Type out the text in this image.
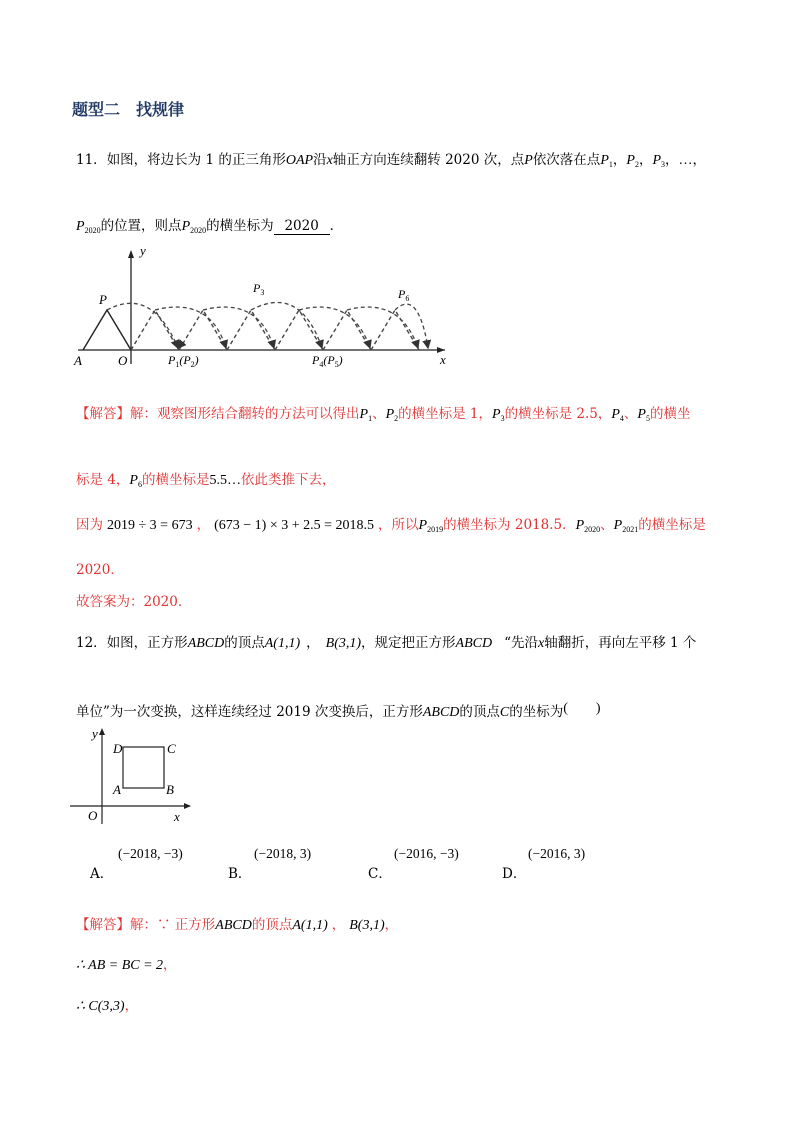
题型二　找规律
11．如图，将边长为 1 的正三角形OAP沿x轴正方向连续翻转 2020 次，点P依次落在点$P_1$，$P_2$，$P_3$，…，
$P_{2020}$的位置，则点$P_{2020}$的横坐标为 2020 ．
y
x
A	O
P
$P_3$	$P_6$
$P_1(P_2)$	$P_4(P_5)$
【解答】解：观察图形结合翻转的方法可以得出$P_1$、$P_2$的横坐标是 1，$P_3$的横坐标是 2.5，$P_4$、$P_5$的横坐
标是 4，$P_6$的横坐标是5.5…依此类推下去，
因为 2019 ÷ 3 = 673 ， (673 − 1) × 3 + 2.5 = 2018.5 ，所以$P_{2019}$的横坐标为 2018.5．$P_{2020}$、$P_{2021}$的横坐标是
2020．
故答案为：2020．
12．如图，正方形ABCD的顶点A(1,1) ， B(3,1)，规定把正方形ABCD “先沿x轴翻折，再向左平移 1 个
单位”为一次变换，这样连续经过 2019 次变换后，正方形ABCD的顶点C的坐标为(　　)
y
x
O
A	B
C
D
(−2018, −3)
A．
(−2018, 3)
B．
(−2016, −3)
C．
(−2016, 3)
D．
【解答】解：∵ 正方形ABCD的顶点A(1,1) ， B(3,1)，
∴ AB = BC = 2，
∴ C(3,3)，
